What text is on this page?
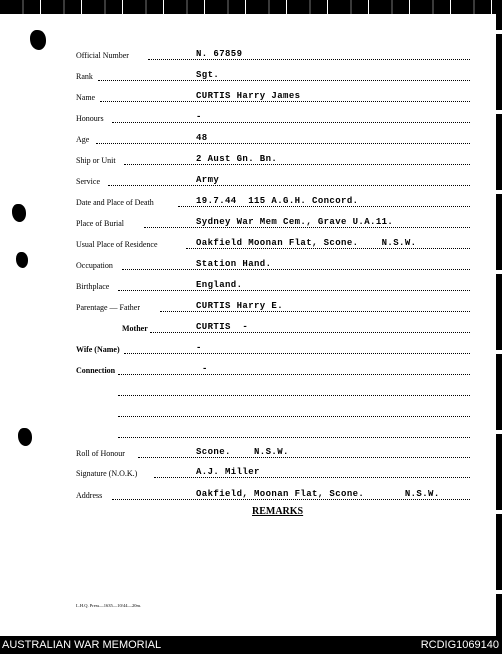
Official Number	N. 67859
Rank	Sgt.
Name	CURTIS Harry James
Honours	-
Age	48
Ship or Unit	2 Aust Gn. Bn.
Service	Army
Date and Place of Death	19.7.44  115 A.G.H. Concord.
Place of Burial	Sydney War Mem Cem., Grave U.A.11.
Usual Place of Residence	Oakfield Moonan Flat, Scone.    N.S.W.
Occupation	Station Hand.
Birthplace	England.
Parentage — Father	CURTIS Harry E.
Mother	CURTIS  -
Wife (Name)	-
Connection	-
Roll of Honour	Scone.    N.S.W.
Signature (N.O.K.)	A.J. Miller
Address	Oakfield, Moonan Flat, Scone.       N.S.W.
REMARKS
L.H.Q. Press—1635—10/44—20m.
AUSTRALIAN WAR MEMORIAL	RCDIG1069140
